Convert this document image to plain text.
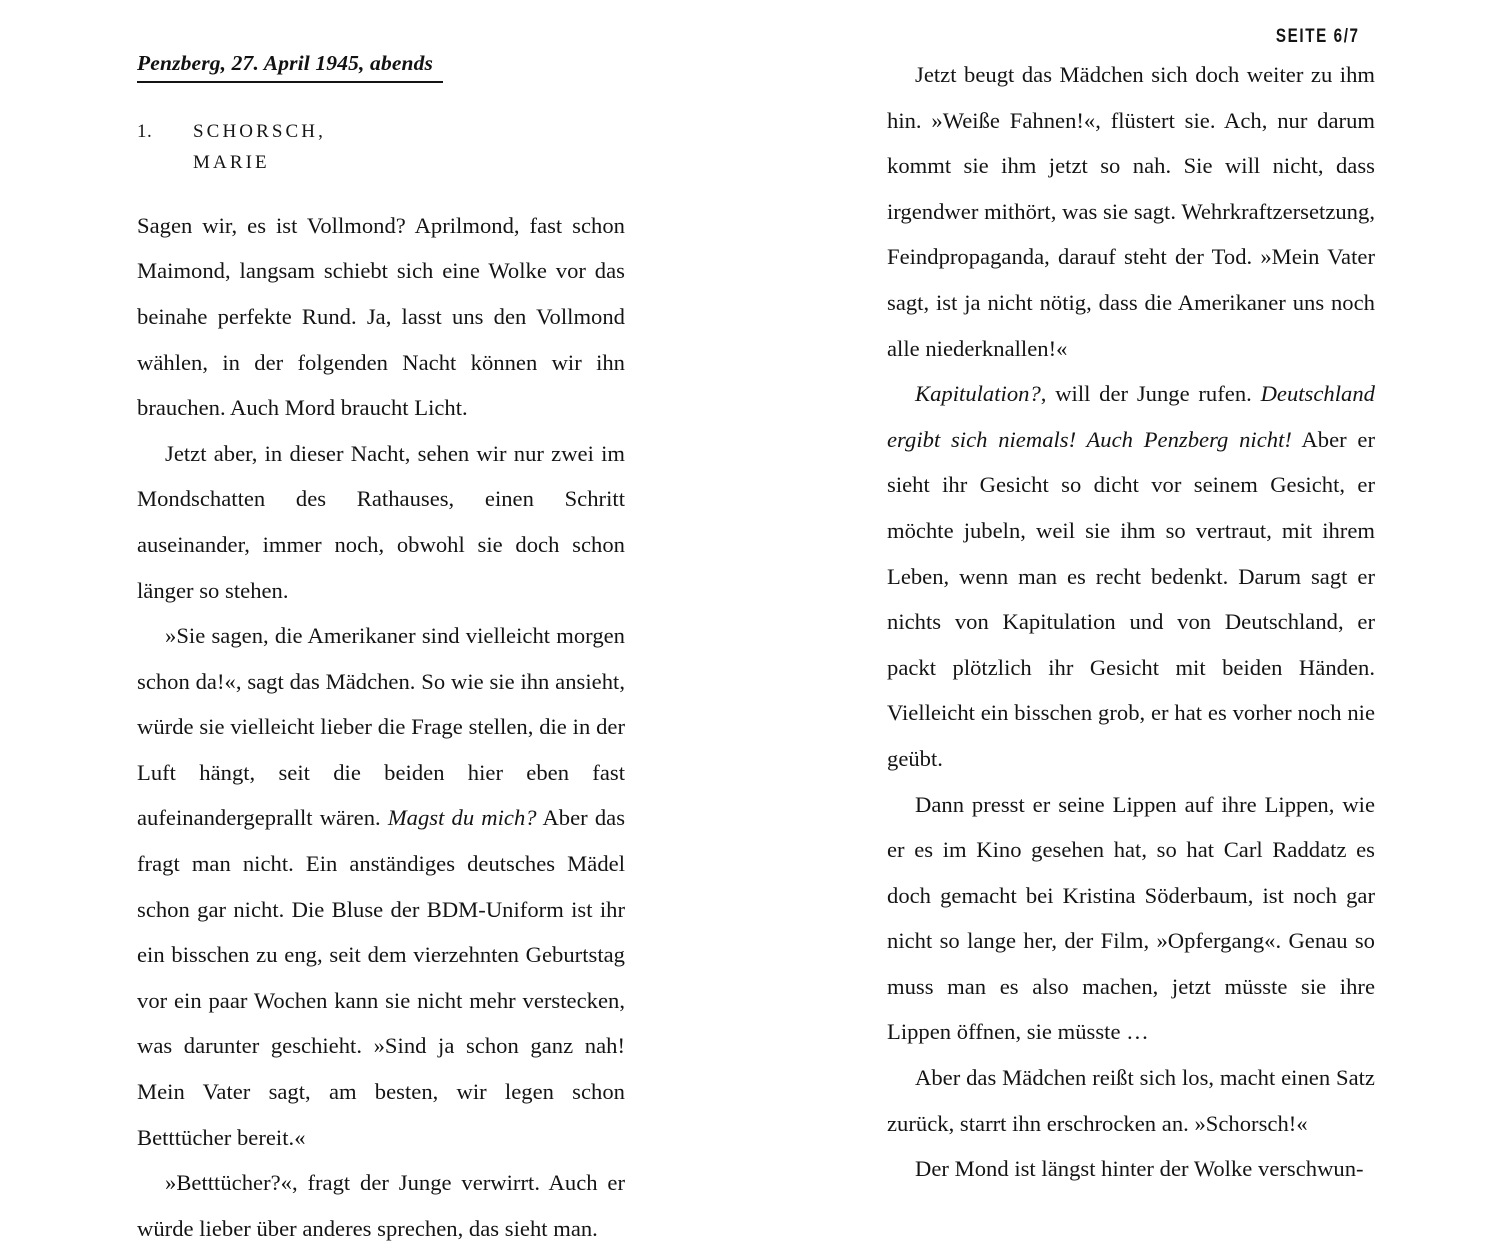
SEITE 6/7
Penzberg, 27. April 1945, abends
1. SCHORSCH,
MARIE

Sagen wir, es ist Vollmond? Aprilmond, fast schon Maimond, langsam schiebt sich eine Wolke vor das beinahe perfekte Rund. Ja, lasst uns den Vollmond wählen, in der folgenden Nacht können wir ihn brauchen. Auch Mord braucht Licht.

Jetzt aber, in dieser Nacht, sehen wir nur zwei im Mondschatten des Rathauses, einen Schritt auseinander, immer noch, obwohl sie doch schon länger so stehen.

»Sie sagen, die Amerikaner sind vielleicht morgen schon da!«, sagt das Mädchen. So wie sie ihn ansieht, würde sie vielleicht lieber die Frage stellen, die in der Luft hängt, seit die beiden hier eben fast aufeinandergeprallt wären. Magst du mich? Aber das fragt man nicht. Ein anständiges deutsches Mädel schon gar nicht. Die Bluse der BDM-Uniform ist ihr ein bisschen zu eng, seit dem vierzehnten Geburtstag vor ein paar Wochen kann sie nicht mehr verstecken, was darunter geschieht. »Sind ja schon ganz nah! Mein Vater sagt, am besten, wir legen schon Betttücher bereit.«

»Betttücher?«, fragt der Junge verwirrt. Auch er würde lieber über anderes sprechen, das sieht man.

Jetzt beugt das Mädchen sich doch weiter zu ihm hin. »Weiße Fahnen!«, flüstert sie. Ach, nur darum kommt sie ihm jetzt so nah. Sie will nicht, dass irgendwer mithört, was sie sagt. Wehrkraftzersetzung, Feindpropaganda, darauf steht der Tod. »Mein Vater sagt, ist ja nicht nötig, dass die Amerikaner uns noch alle niederknallen!«

Kapitulation?, will der Junge rufen. Deutschland ergibt sich niemals! Auch Penzberg nicht! Aber er sieht ihr Gesicht so dicht vor seinem Gesicht, er möchte jubeln, weil sie ihm so vertraut, mit ihrem Leben, wenn man es recht bedenkt. Darum sagt er nichts von Kapitulation und von Deutschland, er packt plötzlich ihr Gesicht mit beiden Händen. Vielleicht ein bisschen grob, er hat es vorher noch nie geübt.

Dann presst er seine Lippen auf ihre Lippen, wie er es im Kino gesehen hat, so hat Carl Raddatz es doch gemacht bei Kristina Söderbaum, ist noch gar nicht so lange her, der Film, »Opfergang«. Genau so muss man es also machen, jetzt müsste sie ihre Lippen öffnen, sie müsste …

Aber das Mädchen reißt sich los, macht einen Satz zurück, starrt ihn erschrocken an. »Schorsch!«

Der Mond ist längst hinter der Wolke verschwun-
